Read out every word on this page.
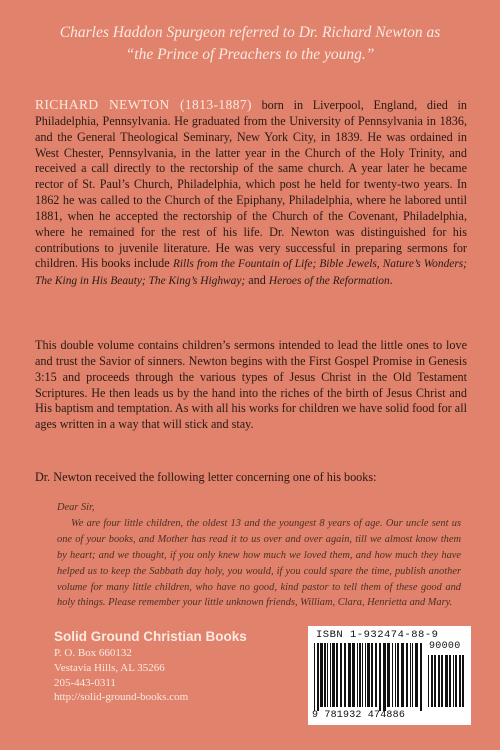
Charles Haddon Spurgeon referred to Dr. Richard Newton as
“the Prince of Preachers to the young.”
RICHARD NEWTON (1813-1887) born in Liverpool, England, died in Philadelphia, Pennsylvania. He graduated from the University of Pennsylvania in 1836, and the General Theological Seminary, New York City, in 1839. He was ordained in West Chester, Pennsylvania, in the latter year in the Church of the Holy Trinity, and received a call directly to the rectorship of the same church. A year later he became rector of St. Paul’s Church, Philadelphia, which post he held for twenty-two years. In 1862 he was called to the Church of the Epiphany, Philadelphia, where he labored until 1881, when he accepted the rectorship of the Church of the Covenant, Philadelphia, where he remained for the rest of his life. Dr. Newton was distinguished for his contributions to juvenile literature. He was very successful in preparing sermons for children. His books include Rills from the Fountain of Life; Bible Jewels, Nature’s Wonders; The King in His Beauty; The King’s Highway; and Heroes of the Reformation.
This double volume contains children’s sermons intended to lead the little ones to love and trust the Savior of sinners. Newton begins with the First Gospel Promise in Genesis 3:15 and proceeds through the various types of Jesus Christ in the Old Testament Scriptures. He then leads us by the hand into the riches of the birth of Jesus Christ and His baptism and temptation. As with all his works for children we have solid food for all ages written in a way that will stick and stay.
Dr. Newton received the following letter concerning one of his books:
Dear Sir,
We are four little children, the oldest 13 and the youngest 8 years of age. Our uncle sent us one of your books, and Mother has read it to us over and over again, till we almost know them by heart; and we thought, if you only knew how much we loved them, and how much they have helped us to keep the Sabbath day holy, you would, if you could spare the time, publish another volume for many little children, who have no good, kind pastor to tell them of these good and holy things. Please remember your little unknown friends, William, Clara, Henrietta and Mary.
Solid Ground Christian Books
P. O. Box 660132
Vestavia Hills, AL 35266
205-443-0311
http://solid-ground-books.com
ISBN 1-932474-88-9
90000
9 781932 474886
